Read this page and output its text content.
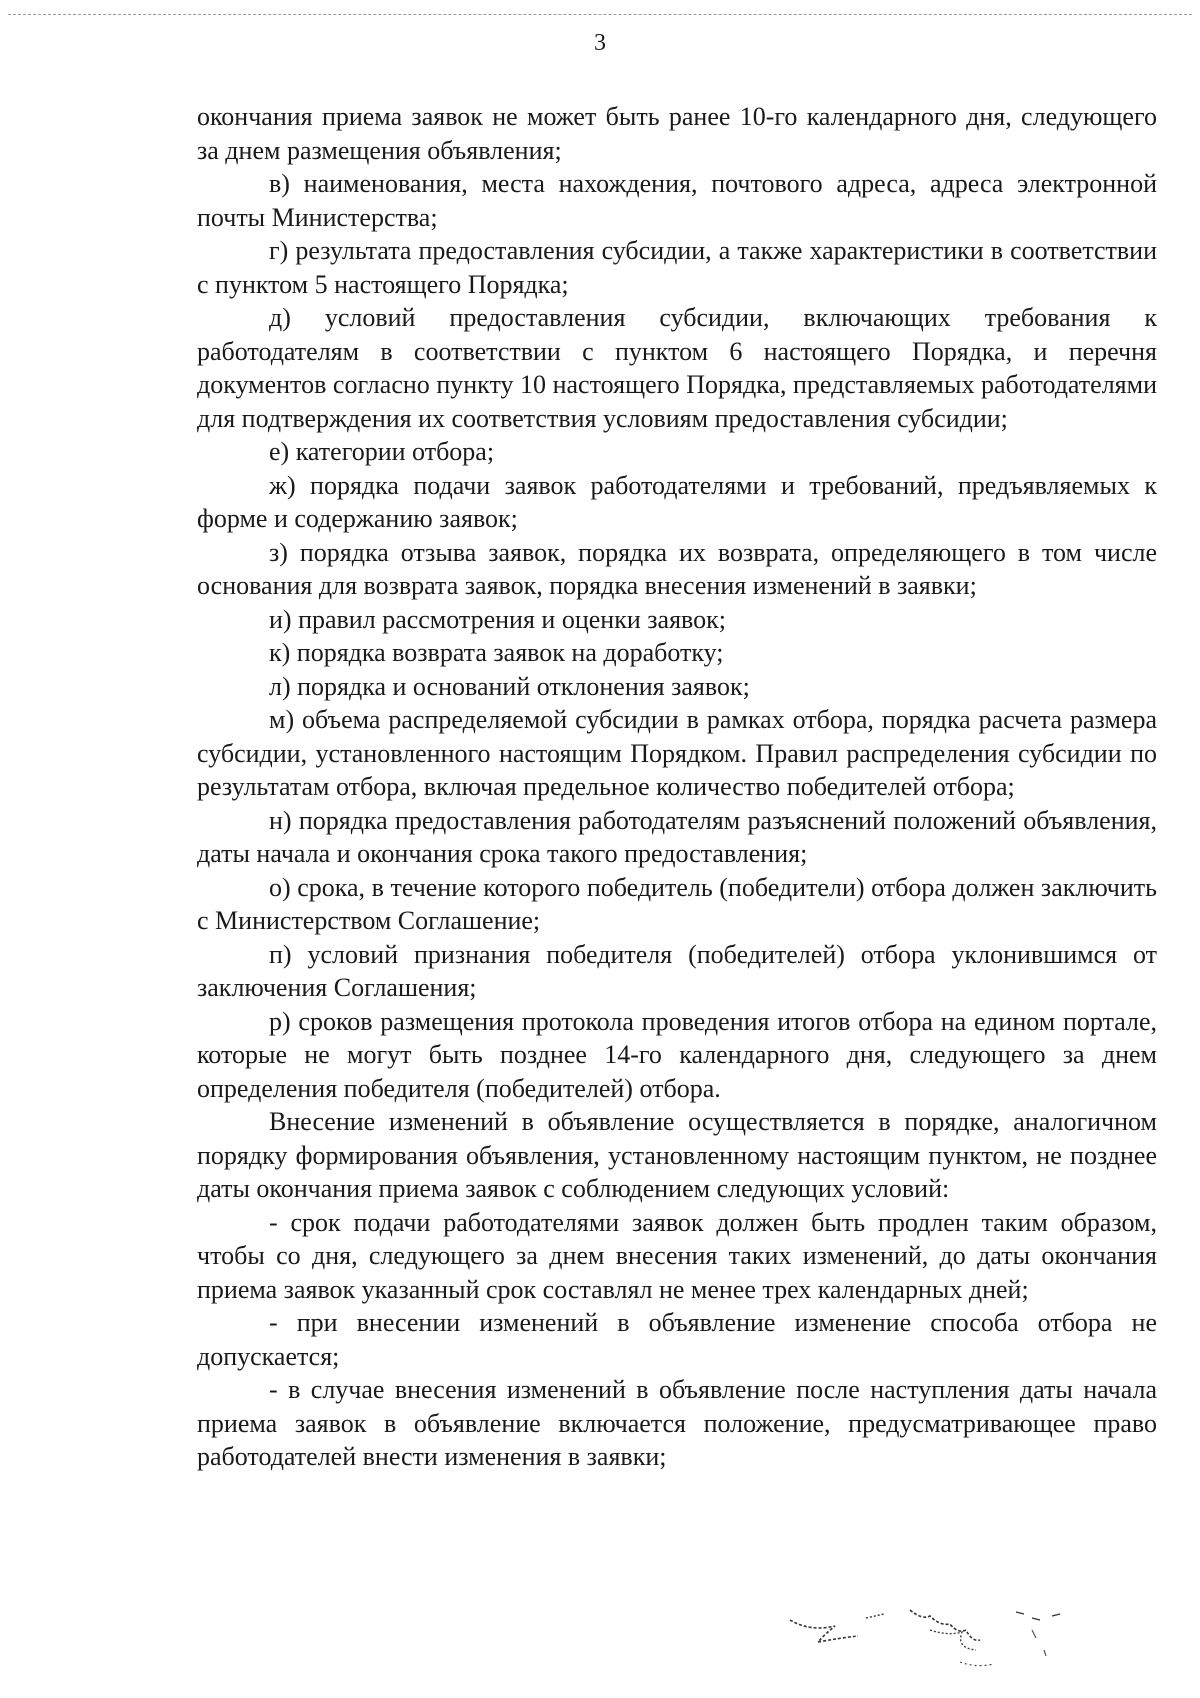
3

окончания приема заявок не может быть ранее 10-го календарного дня, следующего за днем размещения объявления;

в) наименования, места нахождения, почтового адреса, адреса электронной почты Министерства;

г) результата предоставления субсидии, а также характеристики в соответствии с пунктом 5 настоящего Порядка;

д) условий предоставления субсидии, включающих требования к работодателям в соответствии с пунктом 6 настоящего Порядка, и перечня документов согласно пункту 10 настоящего Порядка, представляемых работодателями для подтверждения их соответствия условиям предоставления субсидии;

е) категории отбора;

ж) порядка подачи заявок работодателями и требований, предъявляемых к форме и содержанию заявок;

з) порядка отзыва заявок, порядка их возврата, определяющего в том числе основания для возврата заявок, порядка внесения изменений в заявки;

и) правил рассмотрения и оценки заявок;

к) порядка возврата заявок на доработку;

л) порядка и оснований отклонения заявок;

м) объема распределяемой субсидии в рамках отбора, порядка расчета размера субсидии, установленного настоящим Порядком. Правил распределения субсидии по результатам отбора, включая предельное количество победителей отбора;

н) порядка предоставления работодателям разъяснений положений объявления, даты начала и окончания срока такого предоставления;

о) срока, в течение которого победитель (победители) отбора должен заключить с Министерством Соглашение;

п) условий признания победителя (победителей) отбора уклонившимся от заключения Соглашения;

р) сроков размещения протокола проведения итогов отбора на едином портале, которые не могут быть позднее 14-го календарного дня, следующего за днем определения победителя (победителей) отбора.

Внесение изменений в объявление осуществляется в порядке, аналогичном порядку формирования объявления, установленному настоящим пунктом, не позднее даты окончания приема заявок с соблюдением следующих условий:

- срок подачи работодателями заявок должен быть продлен таким образом, чтобы со дня, следующего за днем внесения таких изменений, до даты окончания приема заявок указанный срок составлял не менее трех календарных дней;

- при внесении изменений в объявление изменение способа отбора не допускается;

- в случае внесения изменений в объявление после наступления даты начала приема заявок в объявление включается положение, предусматривающее право работодателей внести изменения в заявки;
